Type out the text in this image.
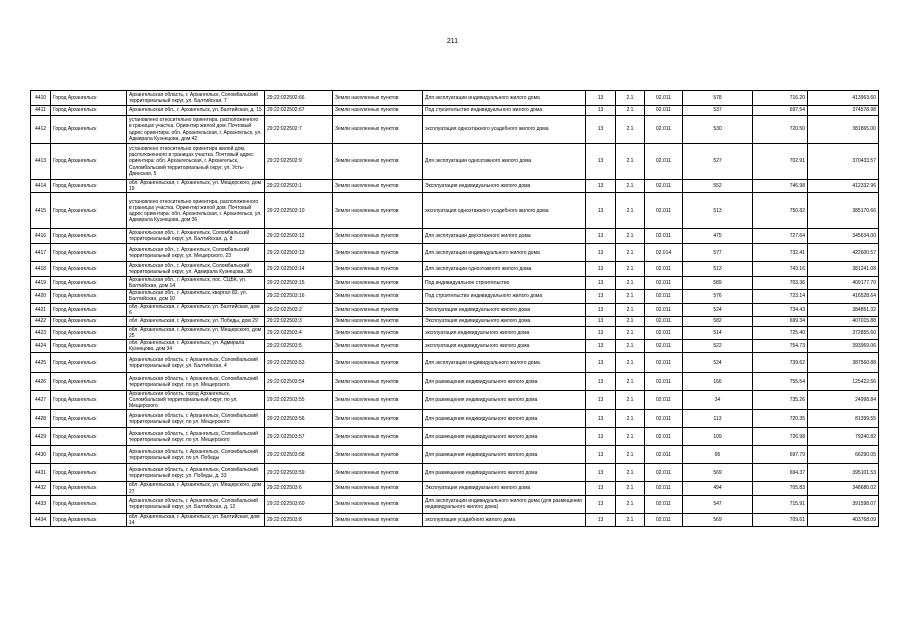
211
4410	Город Архангельск	Архангельская область, г. Архангельск, Соломбальский территориальный округ, ул. Балтийская, 7	29:22:022502:66	Земли населенных пунктов	Для эксплуатации индивидуального жилого дома	13	2.1	02.011	578	716.20	413963.60
4411	Город Архангельск	Архангельская обл., г. Архангельск, ул. Балтийская, д. 15	29:22:022502:67	Земли населенных пунктов	Под строительство индивидуального жилого дома	13	2.1	02.011	537	697.54	374578.98
4412	Город Архангельск	установлено относительно ориентира, расположенного в границах участка. Ориентир жилой дом. Почтовый адрес ориентира: обл. Архангельская, г. Архангельск, ул. Адмирала Кузнецова, дом 42	29:22:022502:7	Земли населенных пунктов	эксплуатация одноэтажного усадебного жилого дома	13	2.1	02.011	530	720.50	381865.00
4413	Город Архангельск	установлено относительно ориентира жилой дом, расположенного в границах участка. Почтовый адрес ориентира: обл. Архангельская, г. Архангельск, Соломбальский территориальный округ, ул. Усть-Двинская, 5	29:22:022502:9	Земли населенных пунктов	Для эксплуатации одноэтажного жилого дома	13	2.1	02.011	527	702.91	370433.57
4414	Город Архангельск	обл. Архангельская, г. Архангельск, ул. Мещерского, дом 19	29:22:022503:1	Земли населенных пунктов	Эксплуатация индивидуального жилого дома	13	2.1	02.011	552	746.98	412332.96
4415	Город Архангельск	установлено относительно ориентира, расположенного в границах участка. Ориентир жилой дом. Почтовый адрес ориентира: обл. Архангельская, г. Архангельск, ул. Адмирала Кузнецова, дом 36	29:22:022503:10	Земли населенных пунктов	эксплуатация одноэтажного усадебного жилого дома	13	2.1	02.011	513	750.82	385170.66
4416	Город Архангельск	Архангельская обл., г. Архангельск, Соломбальский территориальный округ, ул. Балтийская, д. 8	29:22:022503:12	Земли населенных пунктов	Для эксплуатации двухэтажного жилого дома	13	2.1	02.011	475	727.64	345634.00
4417	Город Архангельск	Архангельская обл., г. Архангельск, Соломбальский территориальный округ, ул. Мещерского, 23	29:22:022503:13	Земли населенных пунктов	Для эксплуатации индивидуального жилого дома	13	2.1	02.014	577	732.41	422600.57
4418	Город Архангельск	Архангельская обл., г. Архангельск, Соломбальский территориальный округ, ул. Адмирала Кузнецова, 38	29:22:022503:14	Земли населенных пунктов	Для эксплуатации одноэтажного жилого дома	13	2.1	02.011	513	743.16	381241.08
4419	Город Архангельск	Архангельская обл., г. Архангельск, пос. СЦБК, ул. Балтийская, дом 14	29:22:022503:15	Земли населенных пунктов	Под индивидуальное строительство	13	2.1	02.011	589	703.36	409177.70
4420	Город Архангельск	Архангельская обл., г. Архангельск, квартал 82, ул. Балтийская, дом 10	29:22:022503:16	Земли населенных пунктов	Под строительство индивидуального жилого дома	13	2.1	02.011	576	723.14	416528.64
4421	Город Архангельск	обл. Архангельская, г. Архангельск, ул. Балтийская, дом 6	29:22:022503:2	Земли населенных пунктов	Эксплуатация индивидуального жилого дома	13	2.1	02.011	524	734.43	384851.32
4422	Город Архангельск	обл. Архангельская, г. Архангельск, ул. Победы, дом 29	29:22:022503:3	Земли населенных пунктов	Эксплуатация индивидуального жилого дома	13	2.1	02.011	582	699.34	407015.88
4423	Город Архангельск	обл. Архангельская, г. Архангельск, ул. Мещерского, дом 25	29:22:022503:4	Земли населенных пунктов	эксплуатация индивидуального жилого дома	13	2.1	02.011	514	725.40	372855.60
4424	Город Архангельск	обл. Архангельская, г. Архангельск, ул. Адмирала Кузнецова, дом 34	29:22:022503:5	Земли населенных пунктов	эксплуатация индивидуального жилого дома	13	2.1	02.011	522	754.73	393969.06
4425	Город Архангельск	Архангельская область, г. Архангельск, Соломбальский территориальный округ, ул. Балтийская, 4	29:22:022503:53	Земли населенных пунктов	Для эксплуатации индивидуального жилого дома	13	2.1	02.011	524	739.62	387560.88
4426	Город Архангельск	Архангельская область, г. Архангельск, Соломбальский территориальный округ, по ул. Мещерского	29:22:022503:54	Земли населенных пунктов	Для размещения индивидуального жилого дома	13	2.1	02.011	166	755.54	125422.56
4427	Город Архангельск	Архангельская область, город Архангельск, Соломбальский территориальный округ, по ул. Мещерского	29:22:022503:55	Земли населенных пунктов	Для размещения индивидуального жилого дома	13	2.1	02.011	34	735.26	24998.84
4428	Город Архангельск	Архангельская область, г. Архангельск, Соломбальский территориальный округ, по ул. Мещерского	29:22:022503:56	Земли населенных пунктов	Для размещения индивидуального жилого дома	13	2.1	02.011	113	720.35	81399.55
4429	Город Архангельск	Архангельская область, г. Архангельск, Соломбальский территориальный округ, по ул. Мещерского	29:22:022503:57	Земли населенных пунктов	Для размещения индивидуального жилого дома	13	2.1	02.011	109	726.98	79240.82
4430	Город Архангельск	Архангельская область, г. Архангельск, Соломбальский территориальный округ, по ул. Победы	29:22:022503:58	Земли населенных пунктов	Для размещения индивидуального жилого дома	13	2.1	02.011	95	697.79	66290.05
4431	Город Архангельск	Архангельская область, г. Архангельск, Соломбальский территориальный округ, ул. Победы, д. 33	29:22:022503:59	Земли населенных пунктов	Для размещения индивидуального жилого дома	13	2.1	02.011	569	694.37	395101.53
4432	Город Архангельск	обл. Архангельская, г. Архангельск, ул. Мещерского, дом 27	29:22:022503:6	Земли населенных пунктов	Эксплуатация индивидуального жилого дома	13	2.1	02.011	494	705.83	348680.02
4433	Город Архангельск	Архангельская область, г. Архангельск, Соломбальский территориальный округ, ул. Балтийская, д. 12	29:22:022503:60	Земли населенных пунктов	Для эксплуатации индивидуального жилого дома (для размещения индивидуального жилого дома)	13	2.1	02.011	547	715.91	391598.07
4434	Город Архангельск	обл. Архангельская, г. Архангельск, ул. Балтийская, дом 14	29:22:022503:8	Земли населенных пунктов	эксплуатация усадебного жилого дома	13	2.1	02.011	569	709.61	403768.09
